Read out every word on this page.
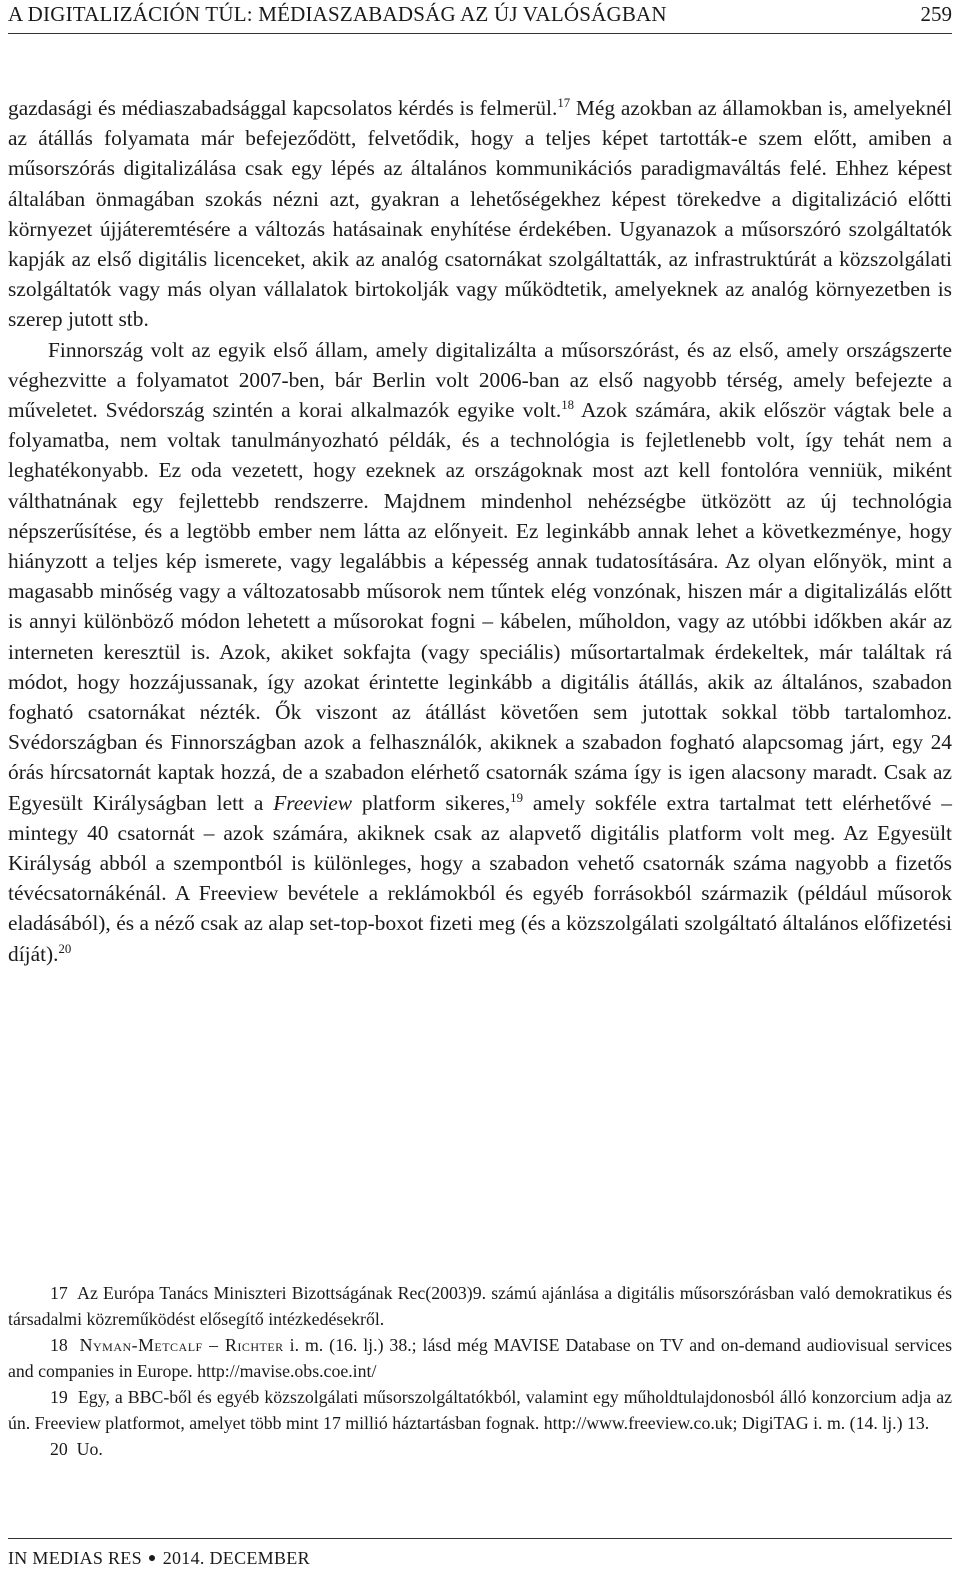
A DIGITALIZÁCIÓN TÚL: MÉDIASZABADSÁG AZ ÚJ VALÓSÁGBAN	259

gazdasági és médiaszabadsággal kapcsolatos kérdés is felmerül.$^{17}$ Még azokban az államokban is, amelyeknél az átállás folyamata már befejeződött, felvetődik, hogy a teljes képet tartották-e szem előtt, amiben a műsorszórás digitalizálása csak egy lépés az általános kommunikációs paradigmaváltás felé. Ehhez képest általában önmagában szokás nézni azt, gyakran a lehetőségekhez képest törekedve a digitalizáció előtti környezet újjáteremtésére a változás hatásainak enyhítése érdekében. Ugyanazok a műsorszóró szolgáltatók kapják az első digitális licenceket, akik az analóg csatornákat szolgáltatták, az infrastruktúrát a közszolgálati szolgáltatók vagy más olyan vállalatok birtokolják vagy működtetik, amelyeknek az analóg környezetben is szerep jutott stb.

Finnország volt az egyik első állam, amely digitalizálta a műsorszórást, és az első, amely országszerte véghezvitte a folyamatot 2007-ben, bár Berlin volt 2006-ban az első nagyobb térség, amely befejezte a műveletet. Svédország szintén a korai alkalmazók egyike volt.$^{18}$ Azok számára, akik először vágtak bele a folyamatba, nem voltak tanulmányozható példák, és a technológia is fejletlenebb volt, így tehát nem a leghatékonyabb. Ez oda vezetett, hogy ezeknek az országoknak most azt kell fontolóra venniük, miként válthatnának egy fejlettebb rendszerre. Majdnem mindenhol nehézségbe ütközött az új technológia népszerűsítése, és a legtöbb ember nem látta az előnyeit. Ez leginkább annak lehet a következménye, hogy hiányzott a teljes kép ismerete, vagy legalábbis a képesség annak tudatosítására. Az olyan előnyök, mint a magasabb minőség vagy a változatosabb műsorok nem tűntek elég vonzónak, hiszen már a digitalizálás előtt is annyi különböző módon lehetett a műsorokat fogni – kábelen, műholdon, vagy az utóbbi időkben akár az interneten keresztül is. Azok, akiket sokfajta (vagy speciális) műsortartalmak érdekeltek, már találtak rá módot, hogy hozzájussanak, így azokat érintette leginkább a digitális átállás, akik az általános, szabadon fogható csatornákat nézték. Ők viszont az átállást követően sem jutottak sokkal több tartalomhoz. Svédországban és Finnországban azok a felhasználók, akiknek a szabadon fogható alapcsomag járt, egy 24 órás hírcsatornát kaptak hozzá, de a szabadon elérhető csatornák száma így is igen alacsony maradt. Csak az Egyesült Királyságban lett a Freeview platform sikeres,$^{19}$ amely sokféle extra tartalmat tett elérhetővé – mintegy 40 csatornát – azok számára, akiknek csak az alapvető digitális platform volt meg. Az Egyesült Királyság abból a szempontból is különleges, hogy a szabadon vehető csatornák száma nagyobb a fizetős tévécsatornákénál. A Freeview bevétele a reklámokból és egyéb forrásokból származik (például műsorok eladásából), és a néző csak az alap set-top-boxot fizeti meg (és a közszolgálati szolgáltató általános előfizetési díját).$^{20}$

17 Az Európa Tanács Miniszteri Bizottságának Rec(2003)9. számú ajánlása a digitális műsorszórásban való demokratikus és társadalmi közreműködést elősegítő intézkedésekről.

18 Nyman-Metcalf – Richter i. m. (16. lj.) 38.; lásd még MAVISE Database on TV and on-demand audiovisual services and companies in Europe. http://mavise.obs.coe.int/

19 Egy, a BBC-ből és egyéb közszolgálati műsorszolgáltatókból, valamint egy műholdtulajdonosból álló konzorcium adja az ún. Freeview platformot, amelyet több mint 17 millió háztartásban fognak. http://www.freeview.co.uk; DigiTAG i. m. (14. lj.) 13.

20 Uo.

IN MEDIAS RES ● 2014. DECEMBER
